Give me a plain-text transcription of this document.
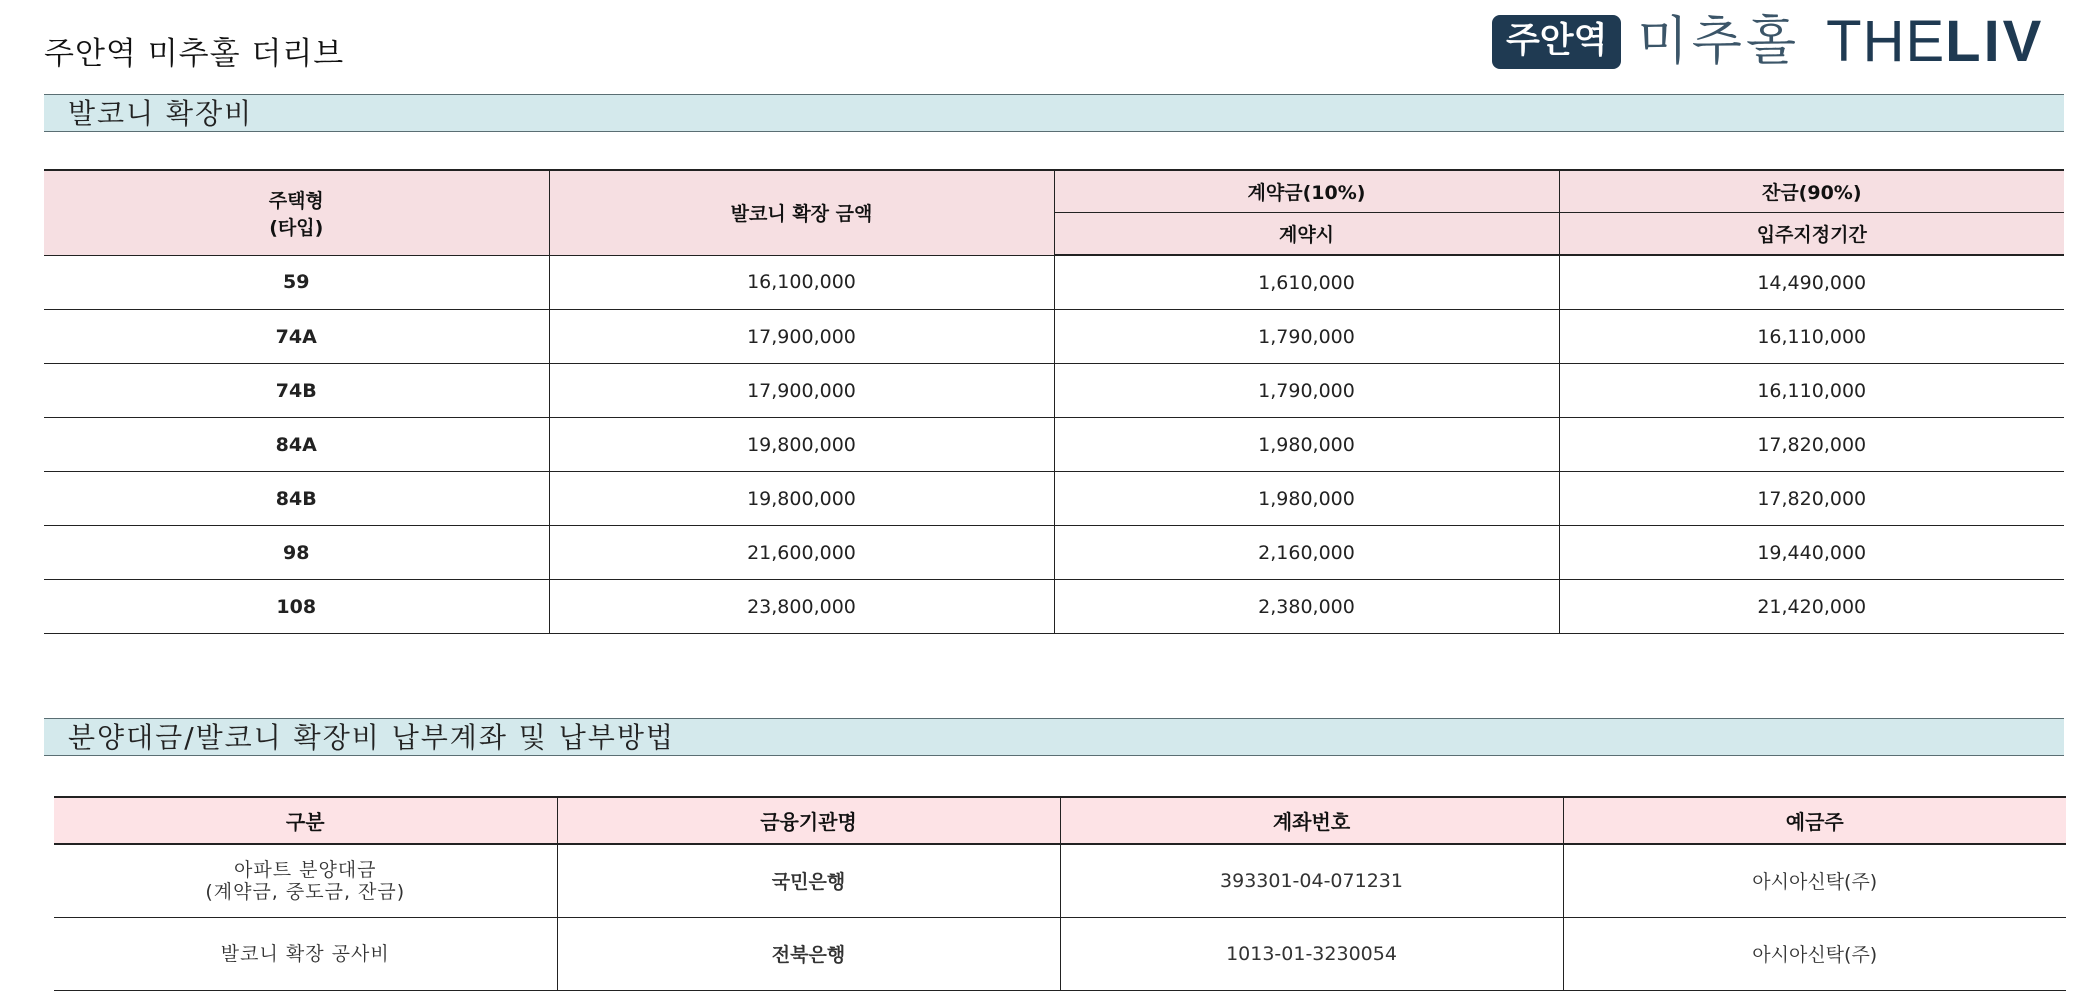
주안역 미추홀 더리브	주안역 미추홀 THE LIV
발코니 확장비
주택형
(타입)	발코니 확장 금액	계약금(10%)	잔금(90%)
		계약시	입주지정기간
59	16,100,000	1,610,000	14,490,000
74A	17,900,000	1,790,000	16,110,000
74B	17,900,000	1,790,000	16,110,000
84A	19,800,000	1,980,000	17,820,000
84B	19,800,000	1,980,000	17,820,000
98	21,600,000	2,160,000	19,440,000
108	23,800,000	2,380,000	21,420,000
분양대금/발코니 확장비 납부계좌 및 납부방법
구분	금융기관명	계좌번호	예금주

아파트 분양대금
(계약금, 중도금, 잔금)	국민은행	393301-04-071231	아시아신탁(주)

발코니 확장 공사비	전북은행	1013-01-3230054	아시아신탁(주)
